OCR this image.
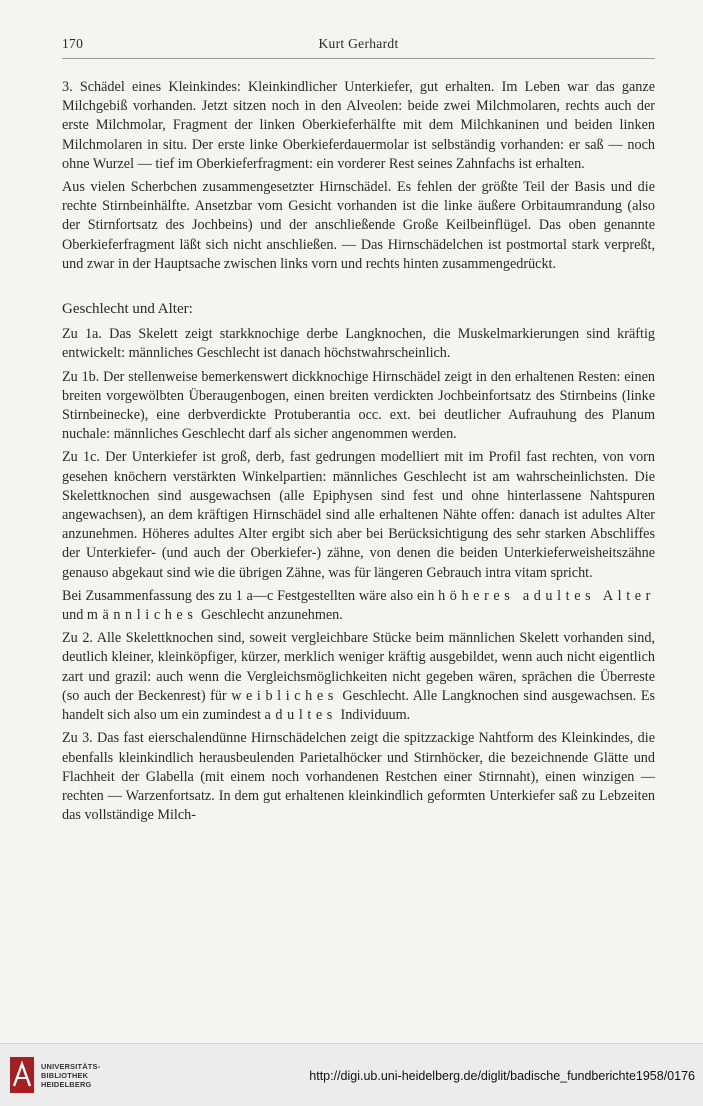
170	Kurt Gerhardt

3. Schädel eines Kleinkindes: Kleinkindlicher Unterkiefer, gut erhalten. Im Leben war das ganze Milchgebiß vorhanden. Jetzt sitzen noch in den Alveolen: beide zwei Milchmolaren, rechts auch der erste Milchmolar, Fragment der linken Oberkieferhälfte mit dem Milchkaninen und beiden linken Milchmolaren in situ. Der erste linke Oberkieferdauermolar ist selbständig vorhanden: er saß — noch ohne Wurzel — tief im Oberkieferfragment: ein vorderer Rest seines Zahnfachs ist erhalten.

Aus vielen Scherbchen zusammengesetzter Hirnschädel. Es fehlen der größte Teil der Basis und die rechte Stirnbeinhälfte. Ansetzbar vom Gesicht vorhanden ist die linke äußere Orbitaumrandung (also der Stirnfortsatz des Jochbeins) und der anschließende Große Keilbeinflügel. Das oben genannte Oberkieferfragment läßt sich nicht anschließen. — Das Hirnschädelchen ist postmortal stark verpreßt, und zwar in der Hauptsache zwischen links vorn und rechts hinten zusammengedrückt.

Geschlecht und Alter:

Zu 1a. Das Skelett zeigt starkknochige derbe Langknochen, die Muskelmarkierungen sind kräftig entwickelt: männliches Geschlecht ist danach höchstwahrscheinlich.

Zu 1b. Der stellenweise bemerkenswert dickknochige Hirnschädel zeigt in den erhaltenen Resten: einen breiten vorgewölbten Überaugenbogen, einen breiten verdickten Jochbeinfortsatz des Stirnbeins (linke Stirnbeinecke), eine derbverdickte Protuberantia occ. ext. bei deutlicher Aufrauhung des Planum nuchale: männliches Geschlecht darf als sicher angenommen werden.

Zu 1c. Der Unterkiefer ist groß, derb, fast gedrungen modelliert mit im Profil fast rechten, von vorn gesehen knöchern verstärkten Winkelpartien: männliches Geschlecht ist am wahrscheinlichsten. Die Skelettknochen sind ausgewachsen (alle Epiphysen sind fest und ohne hinterlassene Nahtspuren angewachsen), an dem kräftigen Hirnschädel sind alle erhaltenen Nähte offen: danach ist adultes Alter anzunehmen. Höheres adultes Alter ergibt sich aber bei Berücksichtigung des sehr starken Abschliffes der Unterkiefer- (und auch der Oberkiefer-) zähne, von denen die beiden Unterkieferweisheitszähne genauso abgekaut sind wie die übrigen Zähne, was für längeren Gebrauch intra vitam spricht.

Bei Zusammenfassung des zu 1 a—c Festgestellten wäre also ein höheres adultes Alter und männliches Geschlecht anzunehmen.

Zu 2. Alle Skelettknochen sind, soweit vergleichbare Stücke beim männlichen Skelett vorhanden sind, deutlich kleiner, kleinköpfiger, kürzer, merklich weniger kräftig ausgebildet, wenn auch nicht eigentlich zart und grazil: auch wenn die Vergleichsmöglichkeiten nicht gegeben wären, sprächen die Überreste (so auch der Beckenrest) für weibliches Geschlecht. Alle Langknochen sind ausgewachsen. Es handelt sich also um ein zumindest adultes Individuum.

Zu 3. Das fast eierschalendünne Hirnschädelchen zeigt die spitzzackige Nahtform des Kleinkindes, die ebenfalls kleinkindlich herausbeulenden Parietalhöcker und Stirnhöcker, die bezeichnende Glätte und Flachheit der Glabella (mit einem noch vorhandenen Restchen einer Stirnnaht), einen winzigen — rechten — Warzenfortsatz. In dem gut erhaltenen kleinkindlich geformten Unterkiefer saß zu Lebzeiten das vollständige Milch-

UNIVERSITÄTS-
BIBLIOTHEK
HEIDELBERG
http://digi.ub.uni-heidelberg.de/diglit/badische_fundberichte1958/0176
